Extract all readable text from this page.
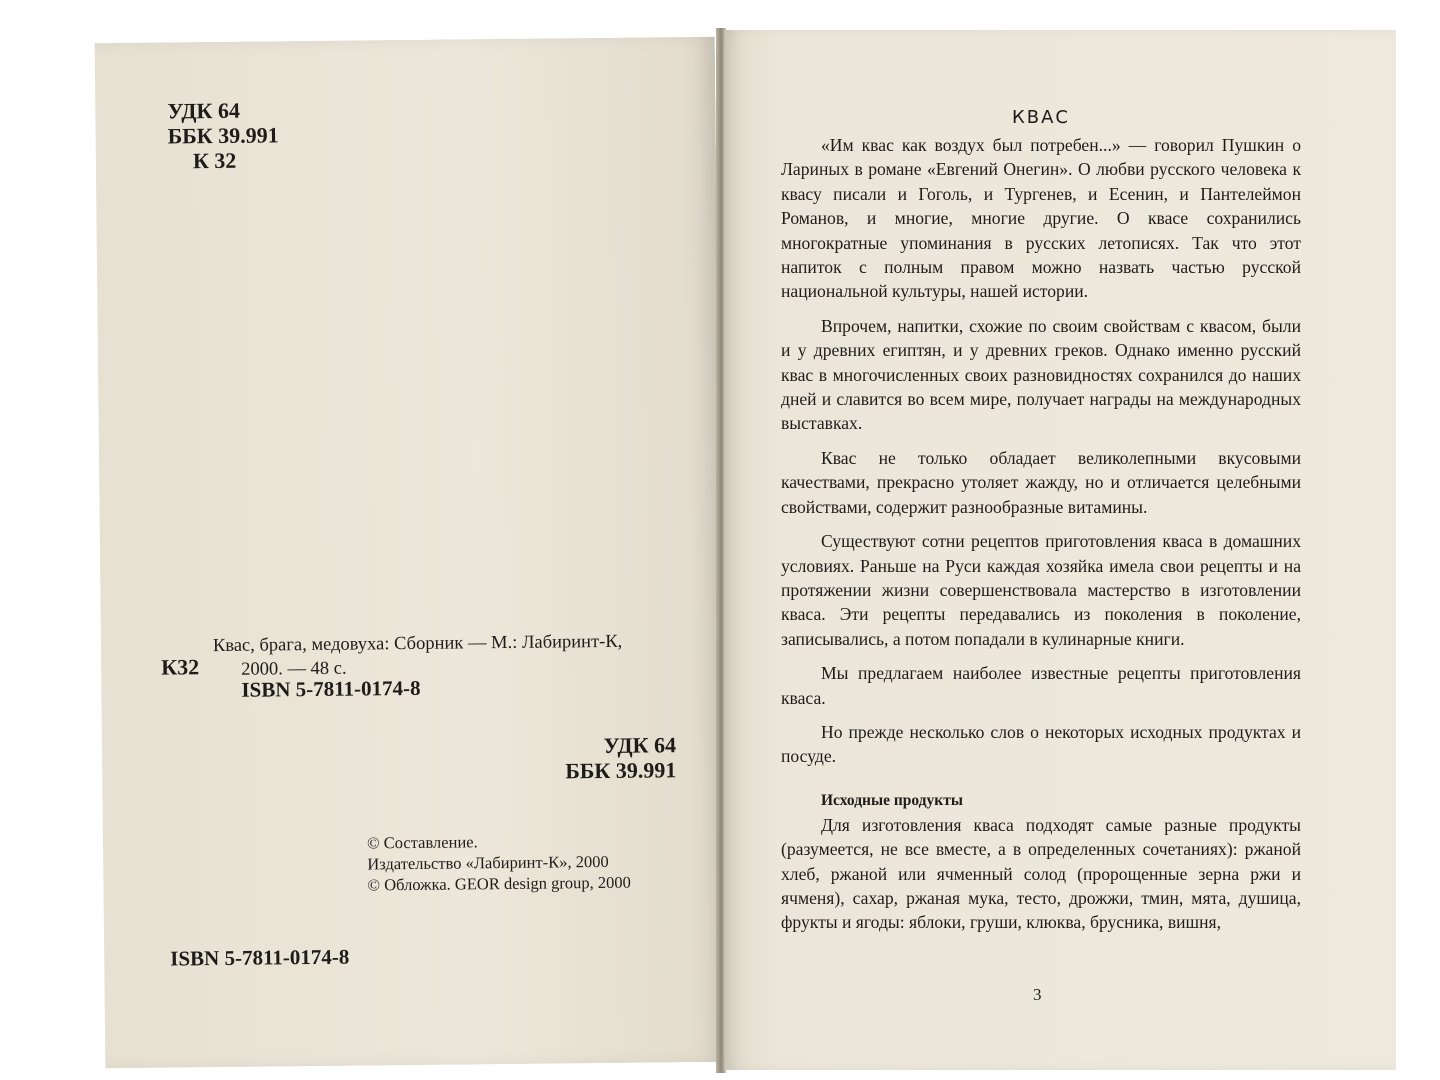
УДК 64
ББК 39.991
К 32
К32
Квас, брага, медовуха: Сборник — М.: Лабиринт-К,
2000. — 48 с.
ISBN 5-7811-0174-8
УДК 64
ББК 39.991
© Составление.
Издательство «Лабиринт-К», 2000
© Обложка. GEOR design group, 2000
ISBN 5-7811-0174-8
КВАС

«Им квас как воздух был потребен...» — говорил Пушкин о Лариных в романе «Евгений Онегин». О любви русского человека к квасу писали и Гоголь, и Тургенев, и Есенин, и Пантелеймон Романов, и многие, многие другие. О квасе сохранились многократные упоминания в русских летописях. Так что этот напиток с полным правом можно назвать частью русской национальной культуры, нашей истории.

Впрочем, напитки, схожие по своим свойствам с квасом, были и у древних египтян, и у древних греков. Однако именно русский квас в многочисленных своих разновидностях сохранился до наших дней и славится во всем мире, получает награды на международных выставках.

Квас не только обладает великолепными вкусовыми качествами, прекрасно утоляет жажду, но и отличается целебными свойствами, содержит разнообразные витамины.

Существуют сотни рецептов приготовления кваса в домашних условиях. Раньше на Руси каждая хозяйка имела свои рецепты и на протяжении жизни совершенствовала мастерство в изготовлении кваса. Эти рецепты передавались из поколения в поколение, записывались, а потом попадали в кулинарные книги.

Мы предлагаем наиболее известные рецепты приготовления кваса.

Но прежде несколько слов о некоторых исходных продуктах и посуде.

Исходные продукты

Для изготовления кваса подходят самые разные продукты (разумеется, не все вместе, а в определенных сочетаниях): ржаной хлеб, ржаной или ячменный солод (пророщенные зерна ржи и ячменя), сахар, ржаная мука, тесто, дрожжи, тмин, мята, душица, фрукты и ягоды: яблоки, груши, клюква, брусника, вишня,

3
